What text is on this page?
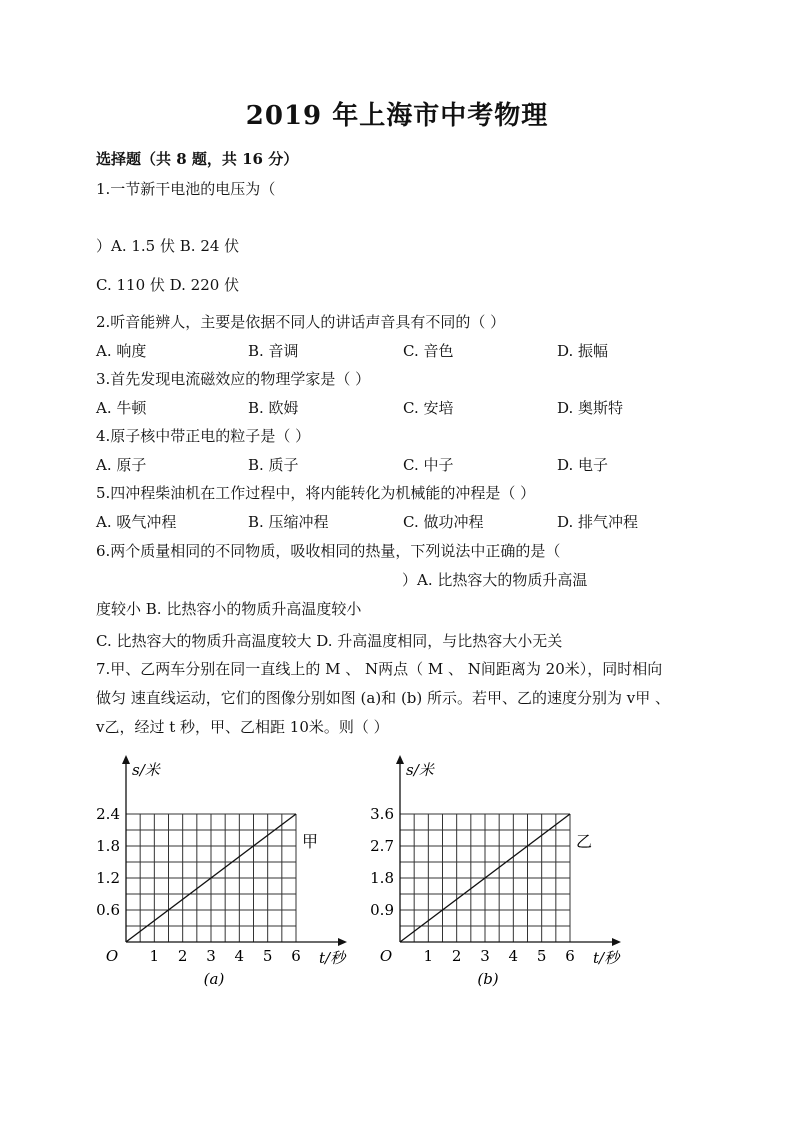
2019 年上海市中考物理
选择题（共 8 题，共 16 分）
1.一节新干电池的电压为（
）A. 1.5 伏 B. 24 伏
C. 110 伏 D. 220 伏
2.听音能辨人，主要是依据不同人的讲话声音具有不同的（ ）
A. 响度	B. 音调	C. 音色	D. 振幅
3.首先发现电流磁效应的物理学家是（ ）
A. 牛顿	B. 欧姆	C. 安培	D. 奥斯特
4.原子核中带正电的粒子是（ ）
A. 原子	B. 质子	C. 中子	D. 电子
5.四冲程柴油机在工作过程中，将内能转化为机械能的冲程是（ ）
A. 吸气冲程	B. 压缩冲程	C. 做功冲程	D. 排气冲程
6.两个质量相同的不同物质，吸收相同的热量，下列说法中正确的是（
）A. 比热容大的物质升高温
度较小 B. 比热容小的物质升高温度较小
C. 比热容大的物质升高温度较大 D. 升高温度相同，与比热容大小无关
7.甲、乙两车分别在同一直线上的 M 、 N两点（ M 、 N间距离为 20米），同时相向
做匀 速直线运动，它们的图像分别如图 (a)和 (b) 所示。若甲、乙的速度分别为 v甲 、
v乙，经过 t 秒，甲、乙相距 10米。则（ ）
1 2 3 4 5 6
0.6
1.2
1.8
2.4
O	t/秒
s/米
甲
(a)
1 2 3 4 5 6
0.9
1.8
2.7
3.6
O	t/秒
s/米
乙
(b)
